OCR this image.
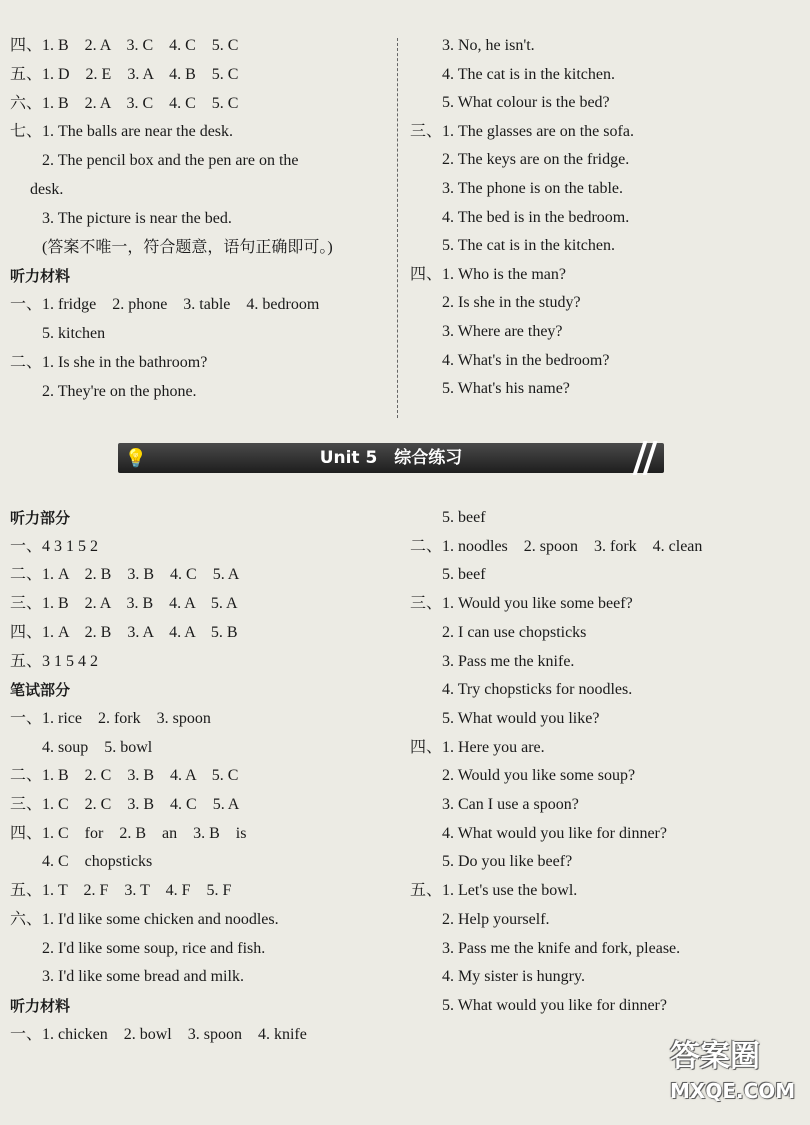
四、1. B　2. A　3. C　4. C　5. C
五、1. D　2. E　3. A　4. B　5. C
六、1. B　2. A　3. C　4. C　5. C
七、1. The balls are near the desk.
2. The pencil box and the pen are on the
desk.
3. The picture is near the bed.
(答案不唯一，符合题意，语句正确即可。)
听力材料
一、1. fridge　2. phone　3. table　4. bedroom
5. kitchen
二、1. Is she in the bathroom?
2. They're on the phone.
3. No, he isn't.
4. The cat is in the kitchen.
5. What colour is the bed?
三、1. The glasses are on the sofa.
2. The keys are on the fridge.
3. The phone is on the table.
4. The bed is in the bedroom.
5. The cat is in the kitchen.
四、1. Who is the man?
2. Is she in the study?
3. Where are they?
4. What's in the bedroom?
5. What's his name?
💡	Unit 5　综合练习
听力部分
一、4 3 1 5 2
二、1. A　2. B　3. B　4. C　5. A
三、1. B　2. A　3. B　4. A　5. A
四、1. A　2. B　3. A　4. A　5. B
五、3 1 5 4 2
笔试部分
一、1. rice　2. fork　3. spoon
4. soup　5. bowl
二、1. B　2. C　3. B　4. A　5. C
三、1. C　2. C　3. B　4. C　5. A
四、1. C　for　2. B　an　3. B　is
4. C　chopsticks
五、1. T　2. F　3. T　4. F　5. F
六、1. I'd like some chicken and noodles.
2. I'd like some soup, rice and fish.
3. I'd like some bread and milk.
听力材料
一、1. chicken　2. bowl　3. spoon　4. knife
5. beef
二、1. noodles　2. spoon　3. fork　4. clean
5. beef
三、1. Would you like some beef?
2. I can use chopsticks
3. Pass me the knife.
4. Try chopsticks for noodles.
5. What would you like?
四、1. Here you are.
2. Would you like some soup?
3. Can I use a spoon?
4. What would you like for dinner?
5. Do you like beef?
五、1. Let's use the bowl.
2. Help yourself.
3. Pass me the knife and fork, please.
4. My sister is hungry.
5. What would you like for dinner?
答案圈
MXQE.COM
